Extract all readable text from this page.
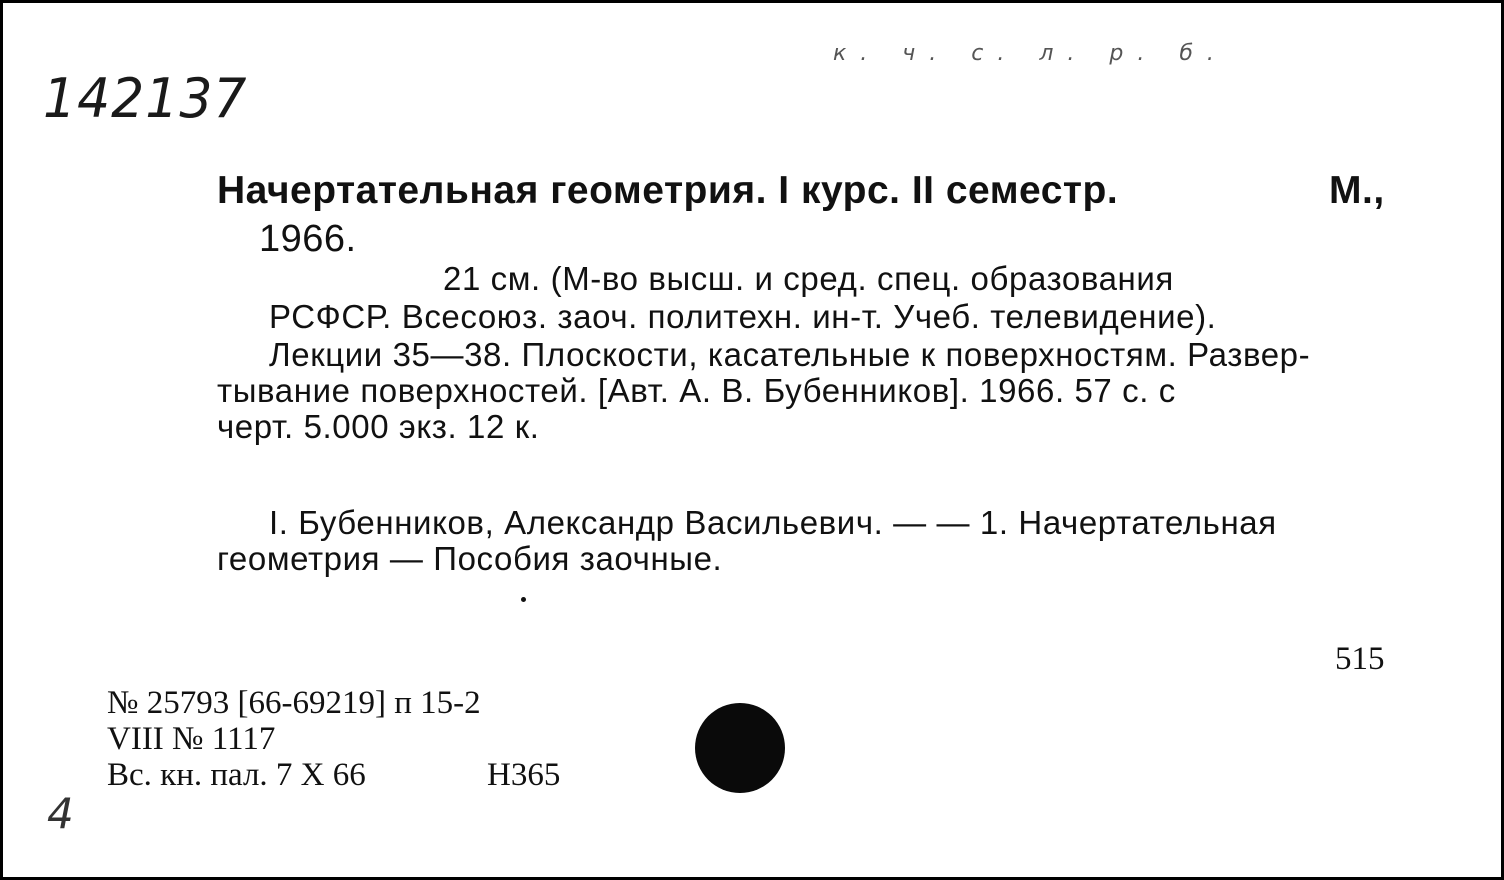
142137
к. ч. с. л. р. б.
Начертательная геометрия. I курс. II семестр.	М.,
1966.
21 см. (М-во высш. и сред. спец. образования
РСФСР. Всесоюз. заоч. политехн. ин-т. Учеб. телевидение).
Лекции 35—38. Плоскости, касательные к поверхностям. Развер-
тывание поверхностей. [Авт. А. В. Бубенников]. 1966. 57 с. с
черт. 5.000 экз. 12 к.
I. Бубенников, Александр Васильевич. — — 1. Начертательная
геометрия — Пособия заочные.
515
№ 25793 [66-69219] п 15-2
VIII № 1117
Вс. кн. пал. 7 X 66	Н365
4
